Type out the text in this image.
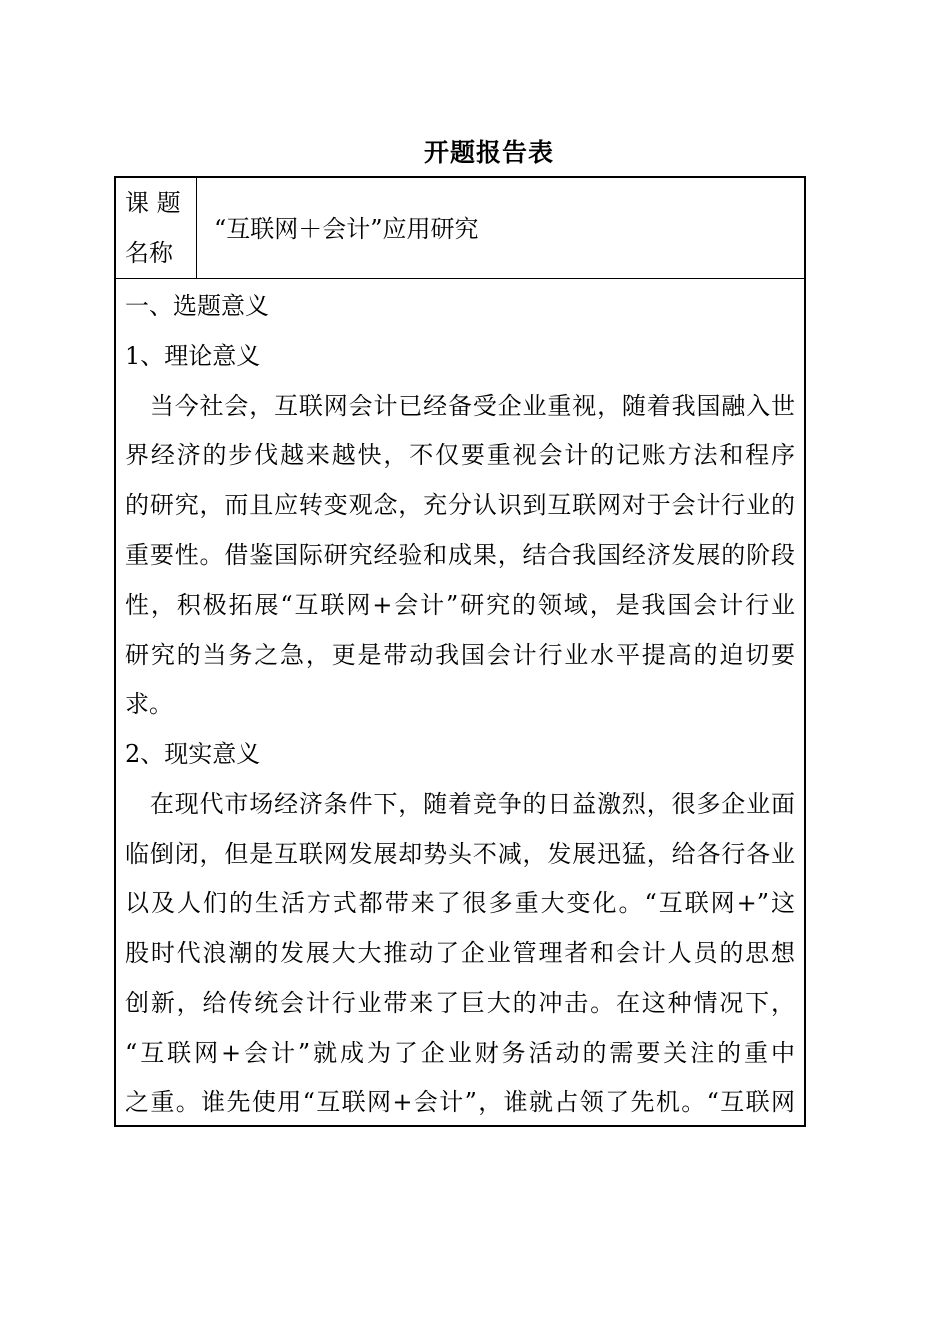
开题报告表
课 题
名称
“互联网＋会计”应用研究
一、选题意义
1、理论意义
　当今社会，互联网会计已经备受企业重视，随着我国融入世
界经济的步伐越来越快，不仅要重视会计的记账方法和程序
的研究，而且应转变观念，充分认识到互联网对于会计行业的
重要性。借鉴国际研究经验和成果，结合我国经济发展的阶段
性，积极拓展“互联网+会计”研究的领域，是我国会计行业
研究的当务之急，更是带动我国会计行业水平提高的迫切要
求。
2、现实意义
　在现代市场经济条件下，随着竞争的日益激烈，很多企业面
临倒闭，但是互联网发展却势头不减，发展迅猛，给各行各业
以及人们的生活方式都带来了很多重大变化。“互联网+”这
股时代浪潮的发展大大推动了企业管理者和会计人员的思想
创新，给传统会计行业带来了巨大的冲击。在这种情况下，
“互联网+会计”就成为了企业财务活动的需要关注的重中
之重。谁先使用“互联网+会计”，谁就占领了先机。“互联网
